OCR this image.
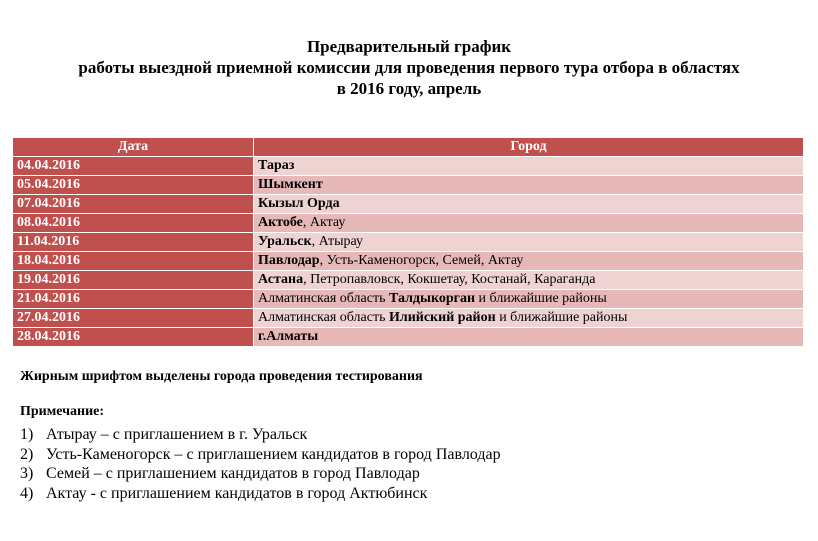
Предварительный график
работы выездной приемной комиссии для проведения первого тура отбора в областях
в 2016 году, апрель
Дата	Город
04.04.2016	Тараз
05.04.2016	Шымкент
07.04.2016	Кызыл Орда
08.04.2016	Актобе, Актау
11.04.2016	Уральск, Атырау
18.04.2016	Павлодар, Усть-Каменогорск, Семей, Актау
19.04.2016	Астана, Петропавловск, Кокшетау, Костанай, Караганда
21.04.2016	Алматинская область Талдыкорган и ближайшие районы
27.04.2016	Алматинская область Илийский район и ближайшие районы
28.04.2016	г.Алматы
Жирным шрифтом выделены города проведения тестирования
Примечание:
1) Атырау – с приглашением в г. Уральск
2) Усть-Каменогорск – с приглашением кандидатов в город Павлодар
3) Семей – с приглашением кандидатов в город Павлодар
4) Актау - с приглашением кандидатов в город Актюбинск
